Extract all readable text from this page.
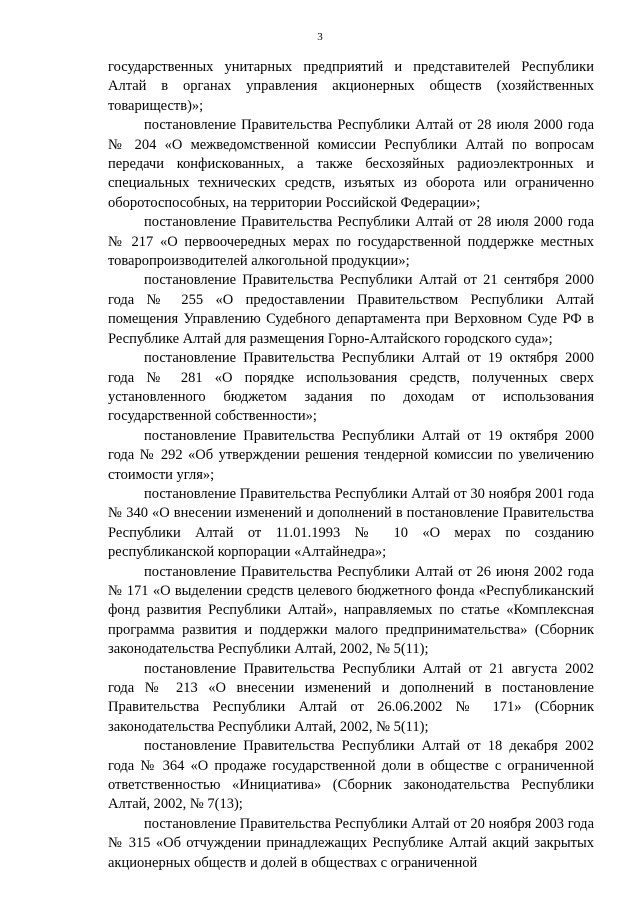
3

государственных унитарных предприятий и представителей Республики Алтай в органах управления акционерных обществ (хозяйственных товариществ)»;

постановление Правительства Республики Алтай от 28 июля 2000 года № 204 «О межведомственной комиссии Республики Алтай по вопросам передачи конфискованных, а также бесхозяйных радиоэлектронных и специальных технических средств, изъятых из оборота или ограниченно оборотоспособных, на территории Российской Федерации»;

постановление Правительства Республики Алтай от 28 июля 2000 года № 217 «О первоочередных мерах по государственной поддержке местных товаропроизводителей алкогольной продукции»;

постановление Правительства Республики Алтай от 21 сентября 2000 года № 255 «О предоставлении Правительством Республики Алтай помещения Управлению Судебного департамента при Верховном Суде РФ в Республике Алтай для размещения Горно-Алтайского городского суда»;

постановление Правительства Республики Алтай от 19 октября 2000 года № 281 «О порядке использования средств, полученных сверх установленного бюджетом задания по доходам от использования государственной собственности»;

постановление Правительства Республики Алтай от 19 октября 2000 года № 292 «Об утверждении решения тендерной комиссии по увеличению стоимости угля»;

постановление Правительства Республики Алтай от 30 ноября 2001 года № 340 «О внесении изменений и дополнений в постановление Правительства Республики Алтай от 11.01.1993 № 10 «О мерах по созданию республиканской корпорации «Алтайнедра»;

постановление Правительства Республики Алтай от 26 июня 2002 года № 171 «О выделении средств целевого бюджетного фонда «Республиканский фонд развития Республики Алтай», направляемых по статье «Комплексная программа развития и поддержки малого предпринимательства» (Сборник законодательства Республики Алтай, 2002, № 5(11);

постановление Правительства Республики Алтай от 21 августа 2002 года № 213 «О внесении изменений и дополнений в постановление Правительства Республики Алтай от 26.06.2002 № 171» (Сборник законодательства Республики Алтай, 2002, № 5(11);

постановление Правительства Республики Алтай от 18 декабря 2002 года № 364 «О продаже государственной доли в обществе с ограниченной ответственностью «Инициатива» (Сборник законодательства Республики Алтай, 2002, № 7(13);

постановление Правительства Республики Алтай от 20 ноября 2003 года № 315 «Об отчуждении принадлежащих Республике Алтай акций закрытых акционерных обществ и долей в обществах с ограниченной
